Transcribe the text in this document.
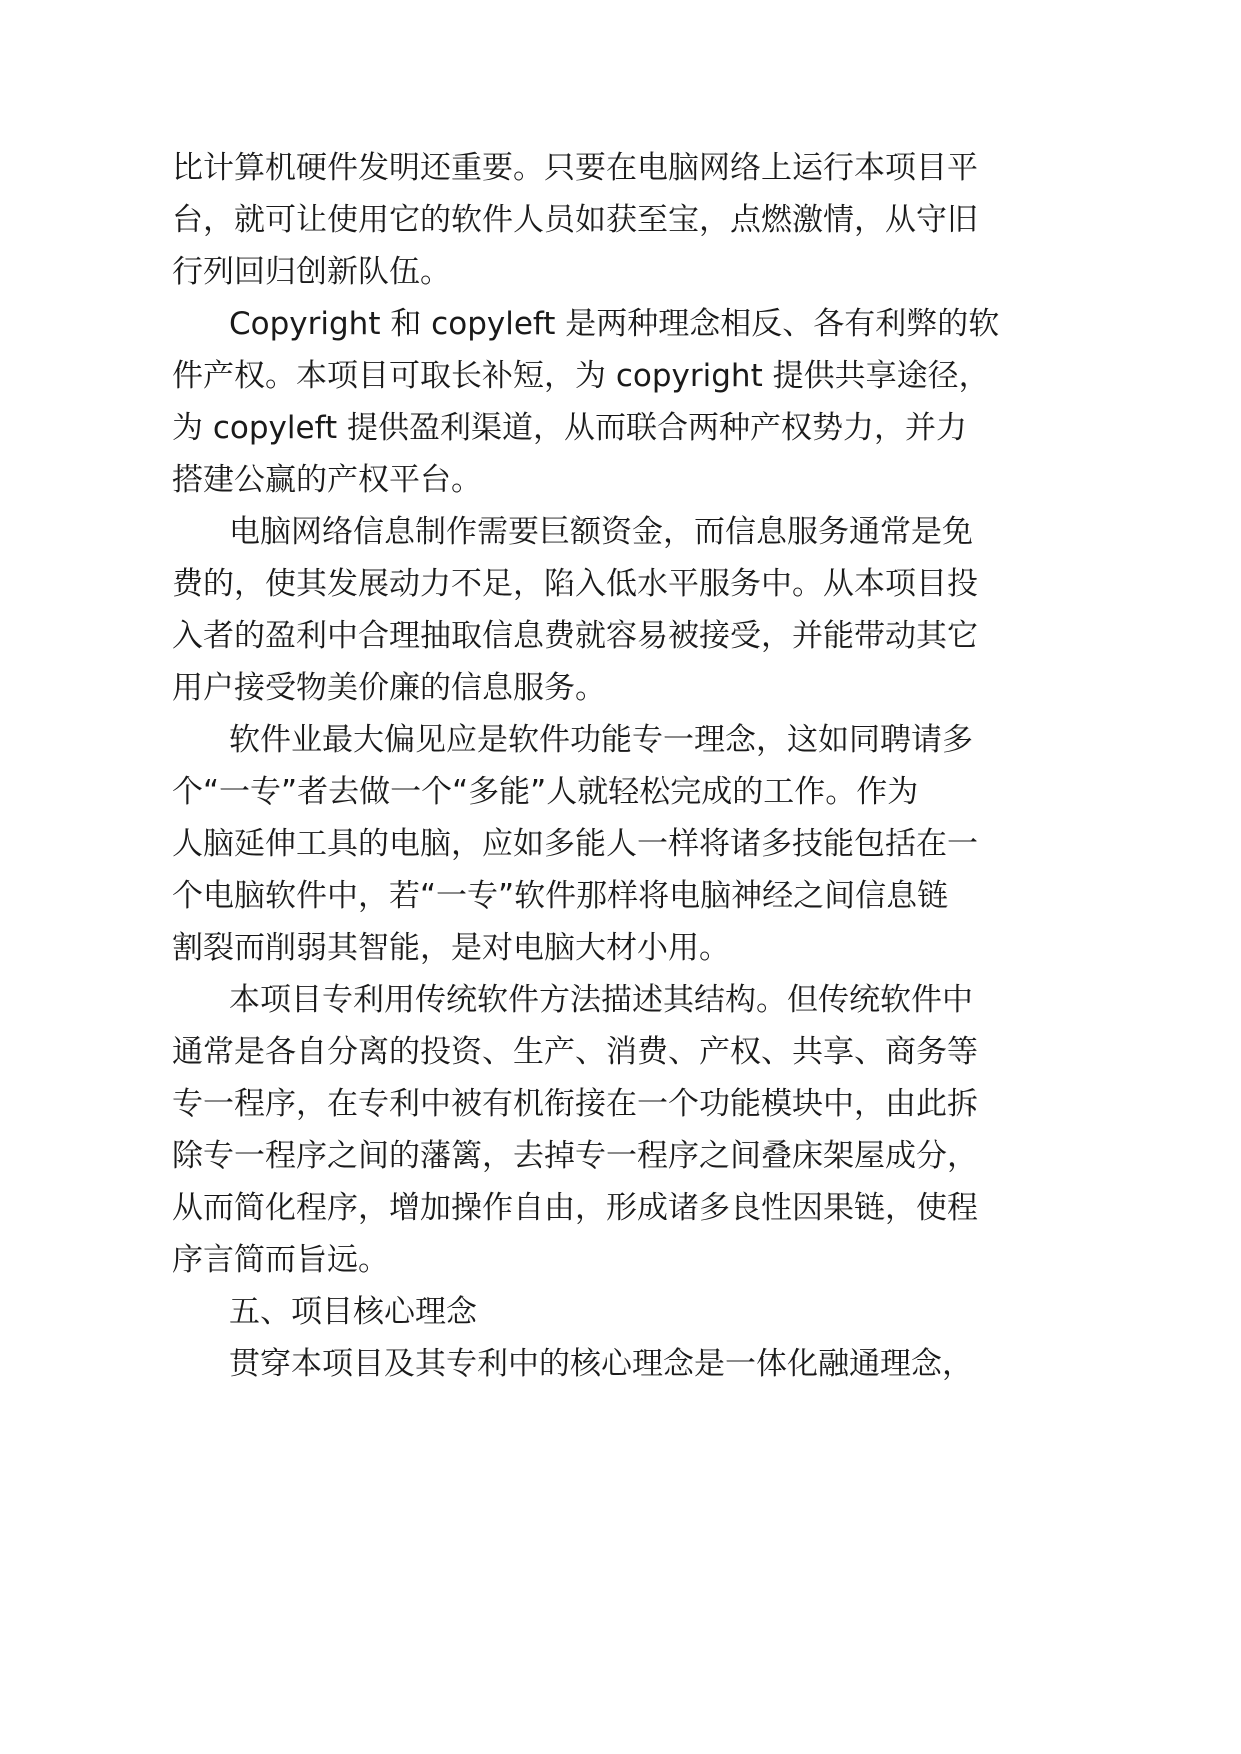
比计算机硬件发明还重要。只要在电脑网络上运行本项目平
台，就可让使用它的软件人员如获至宝，点燃激情，从守旧
行列回归创新队伍。
Copyright 和 copyleft 是两种理念相反、各有利弊的软
件产权。本项目可取长补短，为 copyright 提供共享途径，
为 copyleft 提供盈利渠道，从而联合两种产权势力，并力
搭建公赢的产权平台。
电脑网络信息制作需要巨额资金，而信息服务通常是免
费的，使其发展动力不足，陷入低水平服务中。从本项目投
入者的盈利中合理抽取信息费就容易被接受，并能带动其它
用户接受物美价廉的信息服务。
软件业最大偏见应是软件功能专一理念，这如同聘请多
个“一专”者去做一个“多能”人就轻松完成的工作。作为
人脑延伸工具的电脑，应如多能人一样将诸多技能包括在一
个电脑软件中，若“一专”软件那样将电脑神经之间信息链
割裂而削弱其智能，是对电脑大材小用。
本项目专利用传统软件方法描述其结构。但传统软件中
通常是各自分离的投资、生产、消费、产权、共享、商务等
专一程序，在专利中被有机衔接在一个功能模块中，由此拆
除专一程序之间的藩篱，去掉专一程序之间叠床架屋成分，
从而简化程序，增加操作自由，形成诸多良性因果链，使程
序言简而旨远。
五、项目核心理念
贯穿本项目及其专利中的核心理念是一体化融通理念，
